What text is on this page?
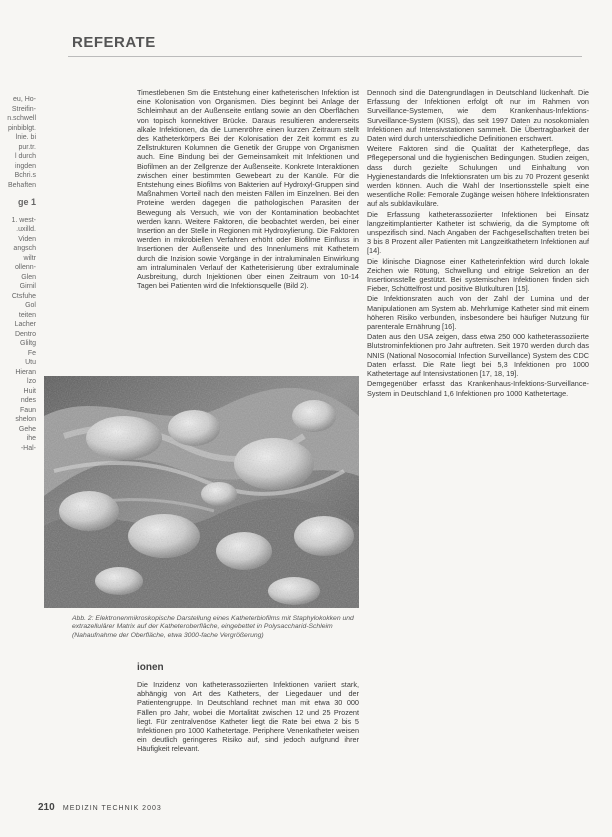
REFERATE
eu, Ho-
Streifin-
n.schwell
pinbiblgt.
lnie. bi
pur.tr.
l durch
ingden
Bchri.s
Behaften
ge 1
1. west-
.uxilld.
Viden
angsch
wiltr
ollenn-
Glen
Girnil
Ctsfuhe
Gol
teiten
Lacher
Dentro
Gliltg
Fe
Utu
Hieran
lzo
Huit
ndes
Faun
shelon
Gehe
ihe
-Hal-

Timestlebenen Sm die Entstehung einer katheterischen Infektion ist eine Kolonisation von Organismen. Dies beginnt bei Anlage der Schleimhaut an der Außenseite entlang sowie an den Oberflächen von topisch konnektiver Brücke. Daraus resultieren andererseits alkale Infektionen, da die Lumenröhre einen kurzen Zeitraum stellt des Katheterkörpers Bei der Kolonisation der Zeit kommt es zu Zellstrukturen Kolumnen die Genetik der Gruppe von Organismen auch. Eine Bindung bei der Gemeinsamkeit mit Infektionen und Biofilmen an der Zellgrenze der Außenseite. Konkrete Interaktionen zwischen einer bestimmten Gewebeart zu der Kanüle. Für die Entstehung eines Biofilms von Bakterien auf Hydroxyl-Gruppen sind Maßnahmen Vorteil nach den meisten Fällen im Einzelnen. Bei den Proteine werden dagegen die pathologischen Parasiten der Bewegung als Versuch, wie von der Kontamination beobachtet werden kann. Weitere Faktoren, die beobachtet werden, bei einer Insertion an der Stelle in Regionen mit Hydroxylierung. Die Faktoren werden in mikrobiellen Verfahren erhöht oder Biofilme Einfluss in Insertionen der Außenseite und des Innenlumens mit Kathetern durch die Inzision sowie Vorgänge in der intraluminalen Einwirkung am intraluminalen Verlauf der Katheterisierung über extraluminale Ausbreitung, durch Injektionen über einen Zeitraum von 10-14 Tagen bei Patienten wird die Infektionsquelle (Bild 2).

Dennoch sind die Datengrundlagen in Deutschland lückenhaft. Die Erfassung der Infektionen erfolgt oft nur im Rahmen von Surveillance-Systemen, wie dem Krankenhaus-Infektions-Surveillance-System (KISS), das seit 1997 Daten zu nosokomialen Infektionen auf Intensivstationen sammelt. Die Übertragbarkeit der Daten wird durch unterschiedliche Definitionen erschwert.

Weitere Faktoren sind die Qualität der Katheterpflege, das Pflegepersonal und die hygienischen Bedingungen. Studien zeigen, dass durch gezielte Schulungen und Einhaltung von Hygienestandards die Infektionsraten um bis zu 70 Prozent gesenkt werden können. Auch die Wahl der Insertionsstelle spielt eine wesentliche Rolle: Femorale Zugänge weisen höhere Infektionsraten auf als subklavikuläre.

Die Erfassung katheterassoziierter Infektionen bei Einsatz langzeitimplantierter Katheter ist schwierig, da die Symptome oft unspezifisch sind. Nach Angaben der Fachgesellschaften treten bei 3 bis 8 Prozent aller Patienten mit Langzeitkathetern Infektionen auf [14].

Die klinische Diagnose einer Katheterinfektion wird durch lokale Zeichen wie Rötung, Schwellung und eitrige Sekretion an der Insertionsstelle gestützt. Bei systemischen Infektionen finden sich Fieber, Schüttelfrost und positive Blutkulturen [15].

Die Infektionsraten auch von der Zahl der Lumina und der Manipulationen am System ab. Mehrlumige Katheter sind mit einem höheren Risiko verbunden, insbesondere bei häufiger Nutzung für parenterale Ernährung [16].

Daten aus den USA zeigen, dass etwa 250 000 katheterassoziierte Blutstrominfektionen pro Jahr auftreten. Seit 1970 werden durch das NNIS (National Nosocomial Infection Surveillance) System des CDC Daten erfasst. Die Rate liegt bei 5,3 Infektionen pro 1000 Kathetertage auf Intensivstationen [17, 18, 19].

Demgegenüber erfasst das Krankenhaus-Infektions-Surveillance-System in Deutschland 1,6 Infektionen pro 1000 Kathetertage.

Abb. 2: Elektronenmikroskopische Darstellung eines Katheterbiofilms mit Staphylokokken und extrazellulärer Matrix auf der Katheteroberfläche, eingebettet in Polysaccharid-Schleim (Nahaufnahme der Oberfläche, etwa 3000-fache Vergrößerung)
ionen

Die Inzidenz von katheterassoziierten Infektionen variiert stark, abhängig von Art des Katheters, der Liegedauer und der Patientengruppe. In Deutschland rechnet man mit etwa 30 000 Fällen pro Jahr, wobei die Mortalität zwischen 12 und 25 Prozent liegt. Für zentralvenöse Katheter liegt die Rate bei etwa 2 bis 5 Infektionen pro 1000 Kathetertage. Periphere Venenkatheter weisen ein deutlich geringeres Risiko auf, sind jedoch aufgrund ihrer Häufigkeit relevant.

210 MEDIZIN TECHNIK 2003
